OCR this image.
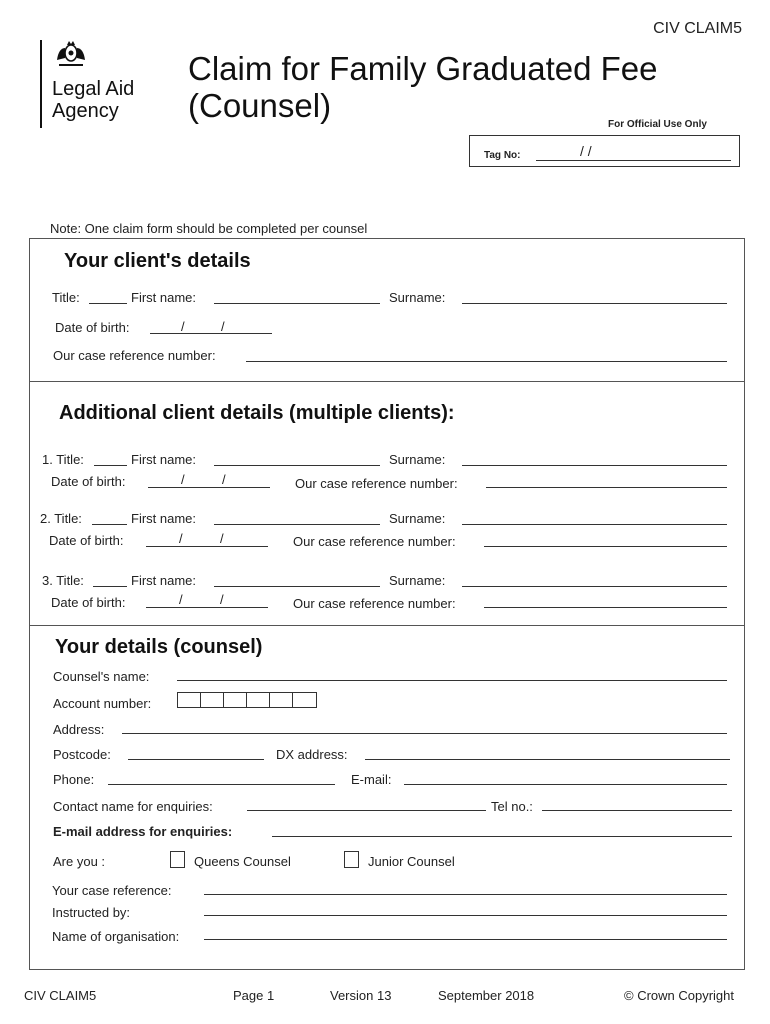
CIV CLAIM5
Legal Aid
Agency
Claim for Family Graduated Fee
(Counsel)
For Official Use Only
Tag No:	/ /
Note: One claim form should be completed per counsel
Your client's details
Title:	First name:	Surname:
Date of birth:	/	/
Our case reference number:
Additional client details (multiple clients):
1. Title:	First name:	Surname:
Date of birth:	/	/	Our case reference number:
2. Title:	First name:	Surname:
Date of birth:	/	/	Our case reference number:
3. Title:	First name:	Surname:
Date of birth:	/	/	Our case reference number:
Your details (counsel)
Counsel's name:
Account number:
Address:
Postcode:	DX address:
Phone:	E-mail:
Contact name for enquiries:	Tel no.:
E-mail address for enquiries:
Are you :	Queens Counsel	Junior Counsel
Your case reference:
Instructed by:
Name of organisation:
CIV CLAIM5	Page 1	Version 13	September 2018	© Crown Copyright
